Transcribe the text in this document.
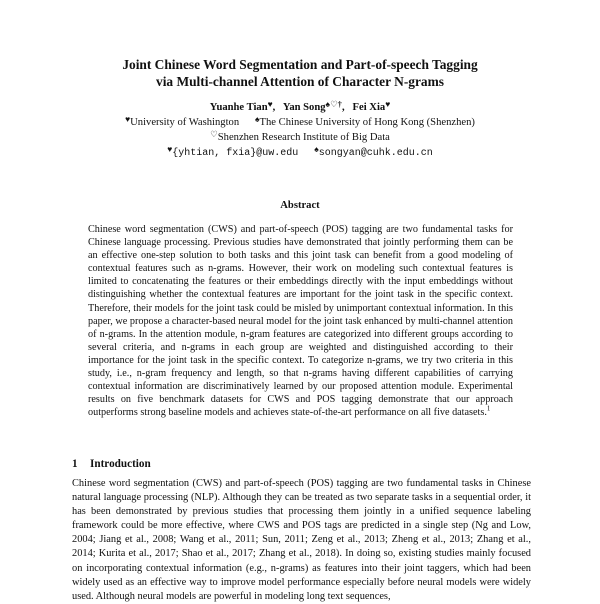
Joint Chinese Word Segmentation and Part-of-speech Tagging
via Multi-channel Attention of Character N-grams
Yuanhe Tian♥,   Yan Song♠♡†,   Fei Xia♥
♥University of Washington ♠The Chinese University of Hong Kong (Shenzhen)
♡Shenzhen Research Institute of Big Data
♥{yhtian, fxia}@uw.edu ♠songyan@cuhk.edu.cn
Abstract
Chinese word segmentation (CWS) and part-of-speech (POS) tagging are two fundamental tasks for Chinese language processing. Previous studies have demonstrated that jointly performing them can be an effective one-step solution to both tasks and this joint task can benefit from a good modeling of contextual features such as n-grams. However, their work on modeling such contextual features is limited to concatenating the features or their embeddings directly with the input embeddings without distinguishing whether the contextual features are important for the joint task in the specific context. Therefore, their models for the joint task could be misled by unimportant contextual information. In this paper, we propose a character-based neural model for the joint task enhanced by multi-channel attention of n-grams. In the attention module, n-gram features are categorized into different groups according to several criteria, and n-grams in each group are weighted and distinguished according to their importance for the joint task in the specific context. To categorize n-grams, we try two criteria in this study, i.e., n-gram frequency and length, so that n-grams having different capabilities of carrying contextual information are discriminatively learned by our proposed attention module. Experimental results on five benchmark datasets for CWS and POS tagging demonstrate that our approach outperforms strong baseline models and achieves state-of-the-art performance on all five datasets.$^1$
1 Introduction
Chinese word segmentation (CWS) and part-of-speech (POS) tagging are two fundamental tasks in Chinese natural language processing (NLP). Although they can be treated as two separate tasks in a sequential order, it has been demonstrated by previous studies that processing them jointly in a unified sequence labeling framework could be more effective, where CWS and POS tags are predicted in a single step (Ng and Low, 2004; Jiang et al., 2008; Wang et al., 2011; Sun, 2011; Zeng et al., 2013; Zheng et al., 2013; Zhang et al., 2014; Kurita et al., 2017; Shao et al., 2017; Zhang et al., 2018). In doing so, existing studies mainly focused on incorporating contextual information (e.g., n-grams) as features into their joint taggers, which had been widely used as an effective way to improve model performance especially before neural models were widely used. Although neural models are powerful in modeling long text sequences,
